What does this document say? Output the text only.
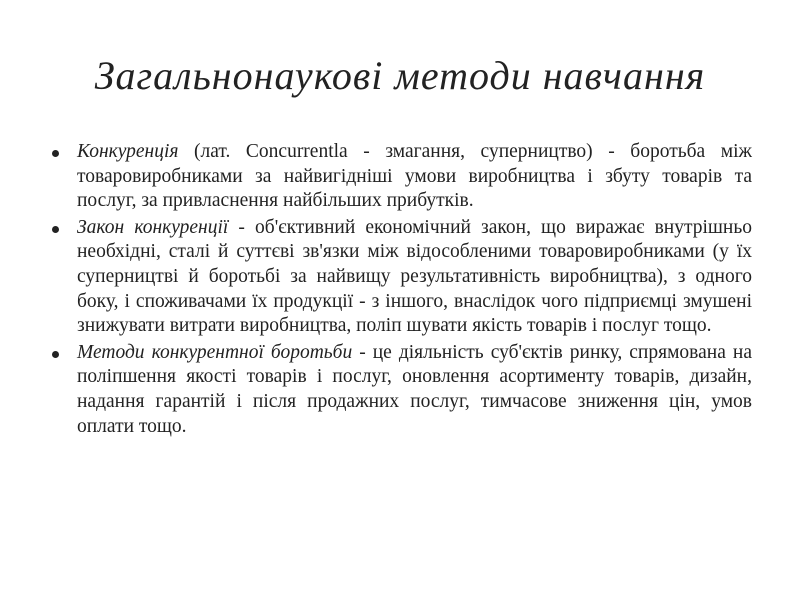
Загальнонаукові методи навчання
Конкуренція (лат. Concurrentla - змагання, суперництво) - боротьба між товаровиробниками за найвигідніші умови виробництва і збуту товарів та послуг, за привласнення найбільших прибутків.
Закон конкуренції - об'єктивний економічний закон, що виражає внутрішньо необхідні, сталі й суттєві зв'язки між відособленими товаровиробниками (у їх суперництві й боротьбі за найвищу результативність виробництва), з одного боку, і споживачами їх продукції - з іншого, внаслідок чого підприємці змушені знижувати витрати виробництва, поліп шувати якість товарів і послуг тощо.
Методи конкурентної боротьби - це діяльність суб'єктів ринку, спрямована на поліпшення якості товарів і послуг, оновлення асортименту товарів, дизайн, надання гарантій і після продажних послуг, тимчасове зниження цін, умов оплати тощо.
